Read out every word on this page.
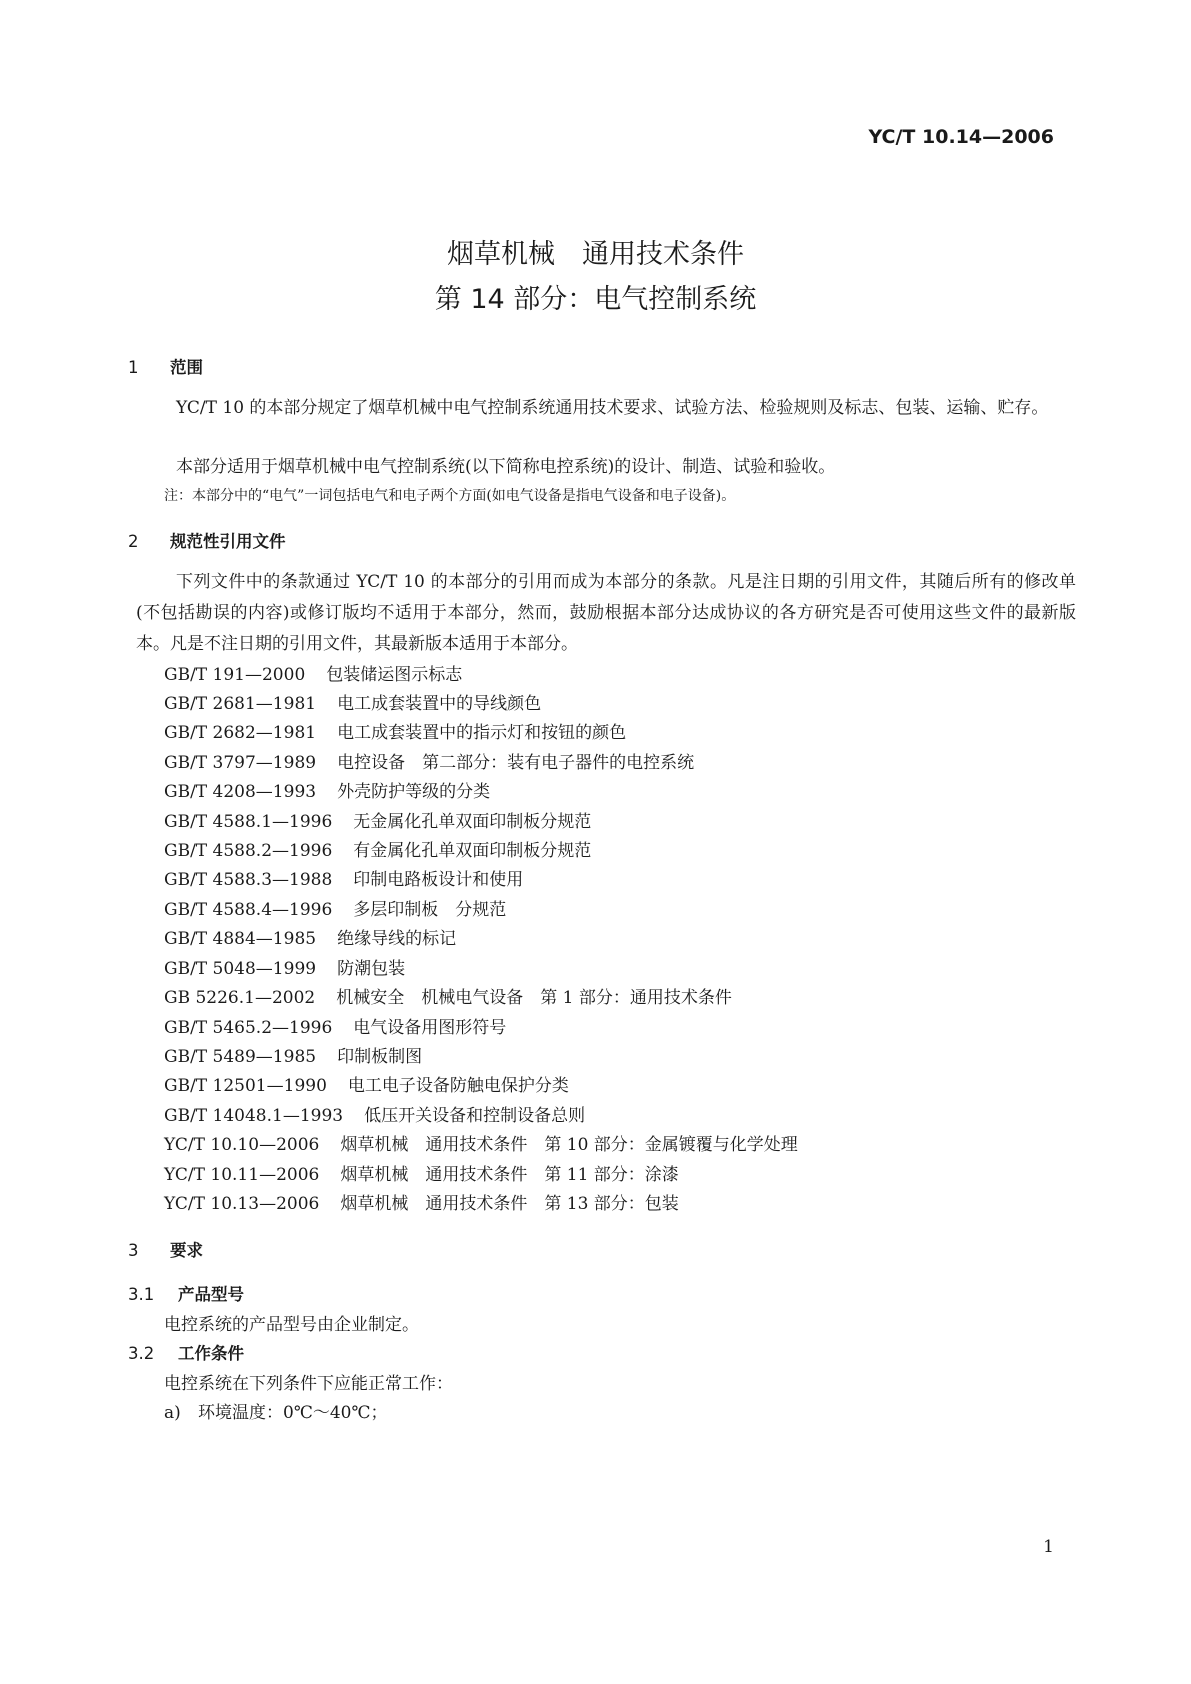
YC/T 10.14—2006
烟草机械　通用技术条件
第 14 部分：电气控制系统
1 范围
YC/T 10 的本部分规定了烟草机械中电气控制系统通用技术要求、试验方法、检验规则及标志、包装、运输、贮存。
本部分适用于烟草机械中电气控制系统(以下简称电控系统)的设计、制造、试验和验收。
注：本部分中的“电气”一词包括电气和电子两个方面(如电气设备是指电气设备和电子设备)。
2 规范性引用文件
下列文件中的条款通过 YC/T 10 的本部分的引用而成为本部分的条款。凡是注日期的引用文件，其随后所有的修改单(不包括勘误的内容)或修订版均不适用于本部分，然而，鼓励根据本部分达成协议的各方研究是否可使用这些文件的最新版本。凡是不注日期的引用文件，其最新版本适用于本部分。
GB/T 191—2000　 包装储运图示标志
GB/T 2681—1981　 电工成套装置中的导线颜色
GB/T 2682—1981　 电工成套装置中的指示灯和按钮的颜色
GB/T 3797—1989　 电控设备　第二部分：装有电子器件的电控系统
GB/T 4208—1993　 外壳防护等级的分类
GB/T 4588.1—1996　 无金属化孔单双面印制板分规范
GB/T 4588.2—1996　 有金属化孔单双面印制板分规范
GB/T 4588.3—1988　 印制电路板设计和使用
GB/T 4588.4—1996　 多层印制板　分规范
GB/T 4884—1985　 绝缘导线的标记
GB/T 5048—1999　 防潮包装
GB 5226.1—2002　 机械安全　机械电气设备　第 1 部分：通用技术条件
GB/T 5465.2—1996　 电气设备用图形符号
GB/T 5489—1985　 印制板制图
GB/T 12501—1990　 电工电子设备防触电保护分类
GB/T 14048.1—1993　 低压开关设备和控制设备总则
YC/T 10.10—2006　 烟草机械　通用技术条件　第 10 部分：金属镀覆与化学处理
YC/T 10.11—2006　 烟草机械　通用技术条件　第 11 部分：涂漆
YC/T 10.13—2006　 烟草机械　通用技术条件　第 13 部分：包装
3 要求
3.1 产品型号
电控系统的产品型号由企业制定。
3.2 工作条件
电控系统在下列条件下应能正常工作：
a) 环境温度：0℃～40℃；
1
